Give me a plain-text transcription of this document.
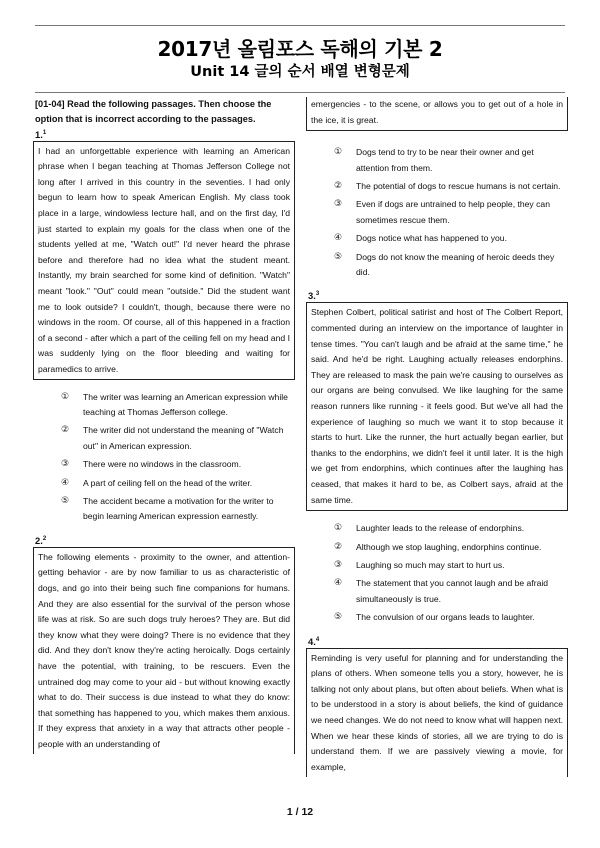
2017년 올림포스 독해의 기본 2
Unit 14 글의 순서 배열 변형문제
[01-04] Read the following passages. Then choose the option that is incorrect according to the passages.
1.$^1$
I had an unforgettable experience with learning an American phrase when I began teaching at Thomas Jefferson College not long after I arrived in this country in the seventies. I had only begun to learn how to speak American English. My class took place in a large, windowless lecture hall, and on the first day, I'd just started to explain my goals for the class when one of the students yelled at me, "Watch out!" I'd never heard the phrase before and therefore had no idea what the student meant. Instantly, my brain searched for some kind of definition. "Watch" meant "look." "Out" could mean "outside." Did the student want me to look outside? I couldn't, though, because there were no windows in the room. Of course, all of this happened in a fraction of a second - after which a part of the ceiling fell on my head and I was suddenly lying on the floor bleeding and waiting for paramedics to arrive.
①	The writer was learning an American expression while teaching at Thomas Jefferson college.
②	The writer did not understand the meaning of "Watch out" in American expression.
③	There were no windows in the classroom.
④	A part of ceiling fell on the head of the writer.
⑤	The accident became a motivation for the writer to begin learning American expression earnestly.
2.$^2$
The following elements - proximity to the owner, and attention-getting behavior - are by now familiar to us as characteristic of dogs, and go into their being such fine companions for humans. And they are also essential for the survival of the person whose life was at risk. So are such dogs truly heroes? They are. But did they know what they were doing? There is no evidence that they did. And they don't know they're acting heroically. Dogs certainly have the potential, with training, to be rescuers. Even the untrained dog may come to your aid - but without knowing exactly what to do. Their success is due instead to what they do know: that something has happened to you, which makes them anxious. If they express that anxiety in a way that attracts other people - people with an understanding of
emergencies - to the scene, or allows you to get out of a hole in the ice, it is great.
①	Dogs tend to try to be near their owner and get attention from them.
②	The potential of dogs to rescue humans is not certain.
③	Even if dogs are untrained to help people, they can sometimes rescue them.
④	Dogs notice what has happened to you.
⑤	Dogs do not know the meaning of heroic deeds they did.
3.$^3$
Stephen Colbert, political satirist and host of The Colbert Report, commented during an interview on the importance of laughter in tense times. "You can't laugh and be afraid at the same time," he said. And he'd be right. Laughing actually releases endorphins. They are released to mask the pain we're causing to ourselves as our organs are being convulsed. We like laughing for the same reason runners like running - it feels good. But we've all had the experience of laughing so much we want it to stop because it starts to hurt. Like the runner, the hurt actually began earlier, but thanks to the endorphins, we didn't feel it until later. It is the high we get from endorphins, which continues after the laughing has ceased, that makes it hard to be, as Colbert says, afraid at the same time.
①	Laughter leads to the release of endorphins.
②	Although we stop laughing, endorphins continue.
③	Laughing so much may start to hurt us.
④	The statement that you cannot laugh and be afraid simultaneously is true.
⑤	The convulsion of our organs leads to laughter.
4.$^4$
Reminding is very useful for planning and for understanding the plans of others. When someone tells you a story, however, he is talking not only about plans, but often about beliefs. When what is to be understood in a story is about beliefs, the kind of guidance we need changes. We do not need to know what will happen next. When we hear these kinds of stories, all we are trying to do is understand them. If we are passively viewing a movie, for example,
1 / 12
